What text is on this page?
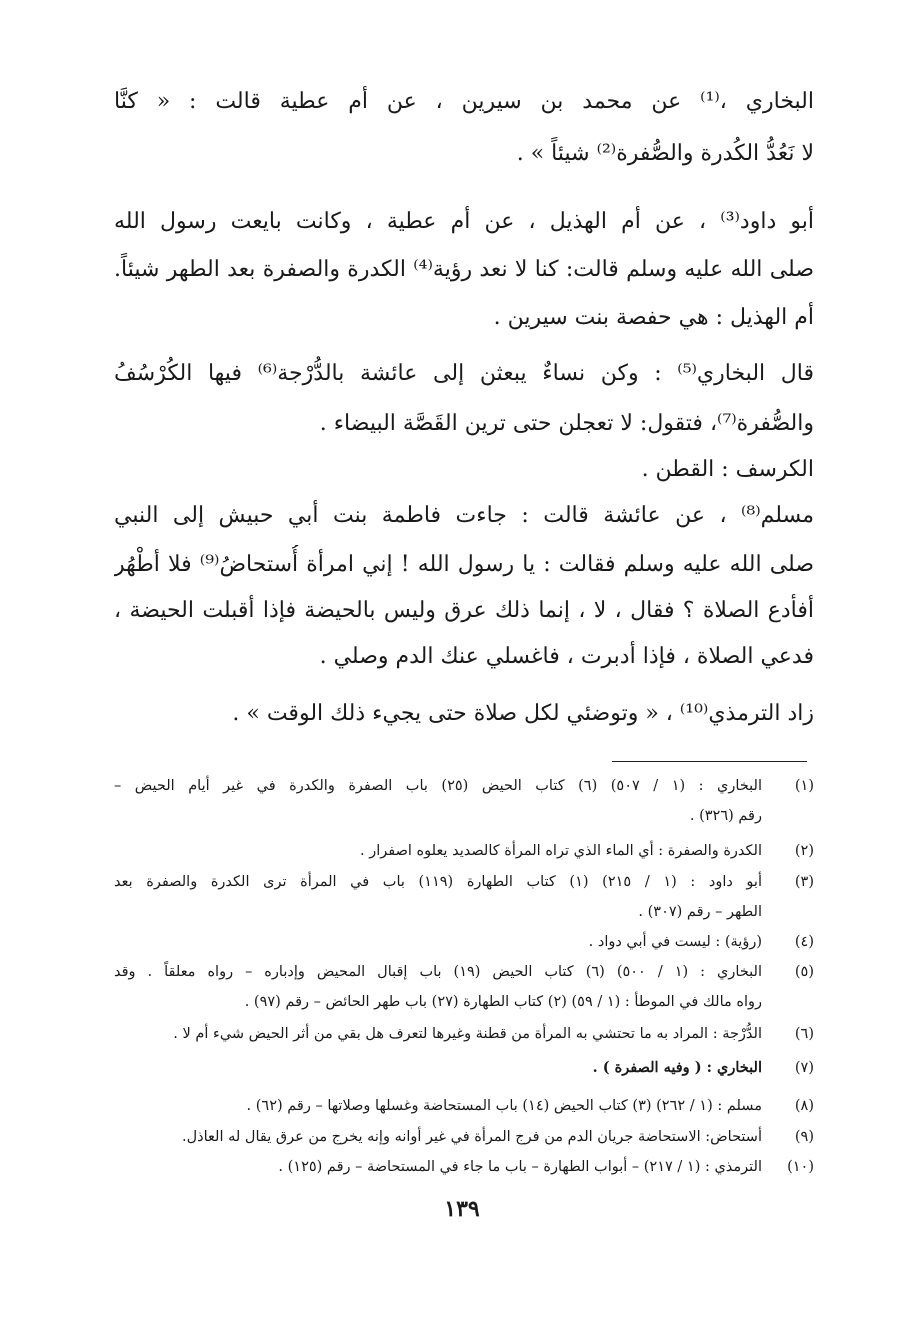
البخاري ،⁽¹⁾ عن محمد بن سيرين ، عن أم عطية قالت : « كنَّا
لا نَعُدُّ الكُدرة والصُّفرة⁽²⁾ شيئاً » .
أبو داود⁽³⁾ ، عن أم الهذيل ، عن أم عطية ، وكانت بايعت رسول الله
صلى الله عليه وسلم قالت: كنا لا نعد رؤية⁽⁴⁾ الكدرة والصفرة بعد الطهر شيئاً.
أم الهذيل : هي حفصة بنت سيرين .
قال البخاري⁽⁵⁾ : وكن نساءٌ يبعثن إلى عائشة بالدُّرْجة⁽⁶⁾ فيها الكُرْسُفُ
والصُّفرة⁽⁷⁾، فتقول: لا تعجلن حتى ترين القَصَّة البيضاء .
الكرسف : القطن .
مسلم⁽⁸⁾ ، عن عائشة قالت : جاءت فاطمة بنت أبي حبيش إلى النبي
صلى الله عليه وسلم فقالت : يا رسول الله ! إني امرأة أُستحاضُ⁽⁹⁾ فلا أطْهُر
أفأدع الصلاة ؟ فقال ، لا ، إنما ذلك عرق وليس بالحيضة فإذا أقبلت الحيضة ،
فدعي الصلاة ، فإذا أدبرت ، فاغسلي عنك الدم وصلي .
زاد الترمذي⁽¹⁰⁾ ، « وتوضئي لكل صلاة حتى يجيء ذلك الوقت » .
(١)
البخاري : (١ / ٥٠٧) (٦) كتاب الحيض (٢٥) باب الصفرة والكدرة في غير أيام الحيض –
رقم (٣٢٦) .
(٢)
الكدرة والصفرة : أي الماء الذي تراه المرأة كالصديد يعلوه اصفرار .
(٣)
أبو داود : (١ / ٢١٥) (١) كتاب الطهارة (١١٩) باب في المرأة ترى الكدرة والصفرة بعد
الطهر – رقم (٣٠٧) .
(٤)
(رؤية) : ليست في أبي دواد .
(٥)
البخاري : (١ / ٥٠٠) (٦) كتاب الحيض (١٩) باب إقبال المحيض وإدباره – رواه معلقاً . وقد
رواه مالك في الموطأ : (١ / ٥٩) (٢) كتاب الطهارة (٢٧) باب طهر الحائض – رقم (٩٧) .
(٦)
الدُّرْجة : المراد به ما تحتشي به المرأة من قطنة وغيرها لتعرف هل بقي من أثر الحيض شيء أم لا .
(٧)
البخاري : ( وفيه الصفرة ) .
(٨)
مسلم : (١ / ٢٦٢) (٣) كتاب الحيض (١٤) باب المستحاضة وغسلها وصلاتها – رقم (٦٢) .
(٩)
أستحاض: الاستحاضة جريان الدم من فرج المرأة في غير أوانه وإنه يخرج من عرق يقال له العاذل.
(١٠)
الترمذي : (١ / ٢١٧) – أبواب الطهارة – باب ما جاء في المستحاضة – رقم (١٢٥) .
١٣٩
